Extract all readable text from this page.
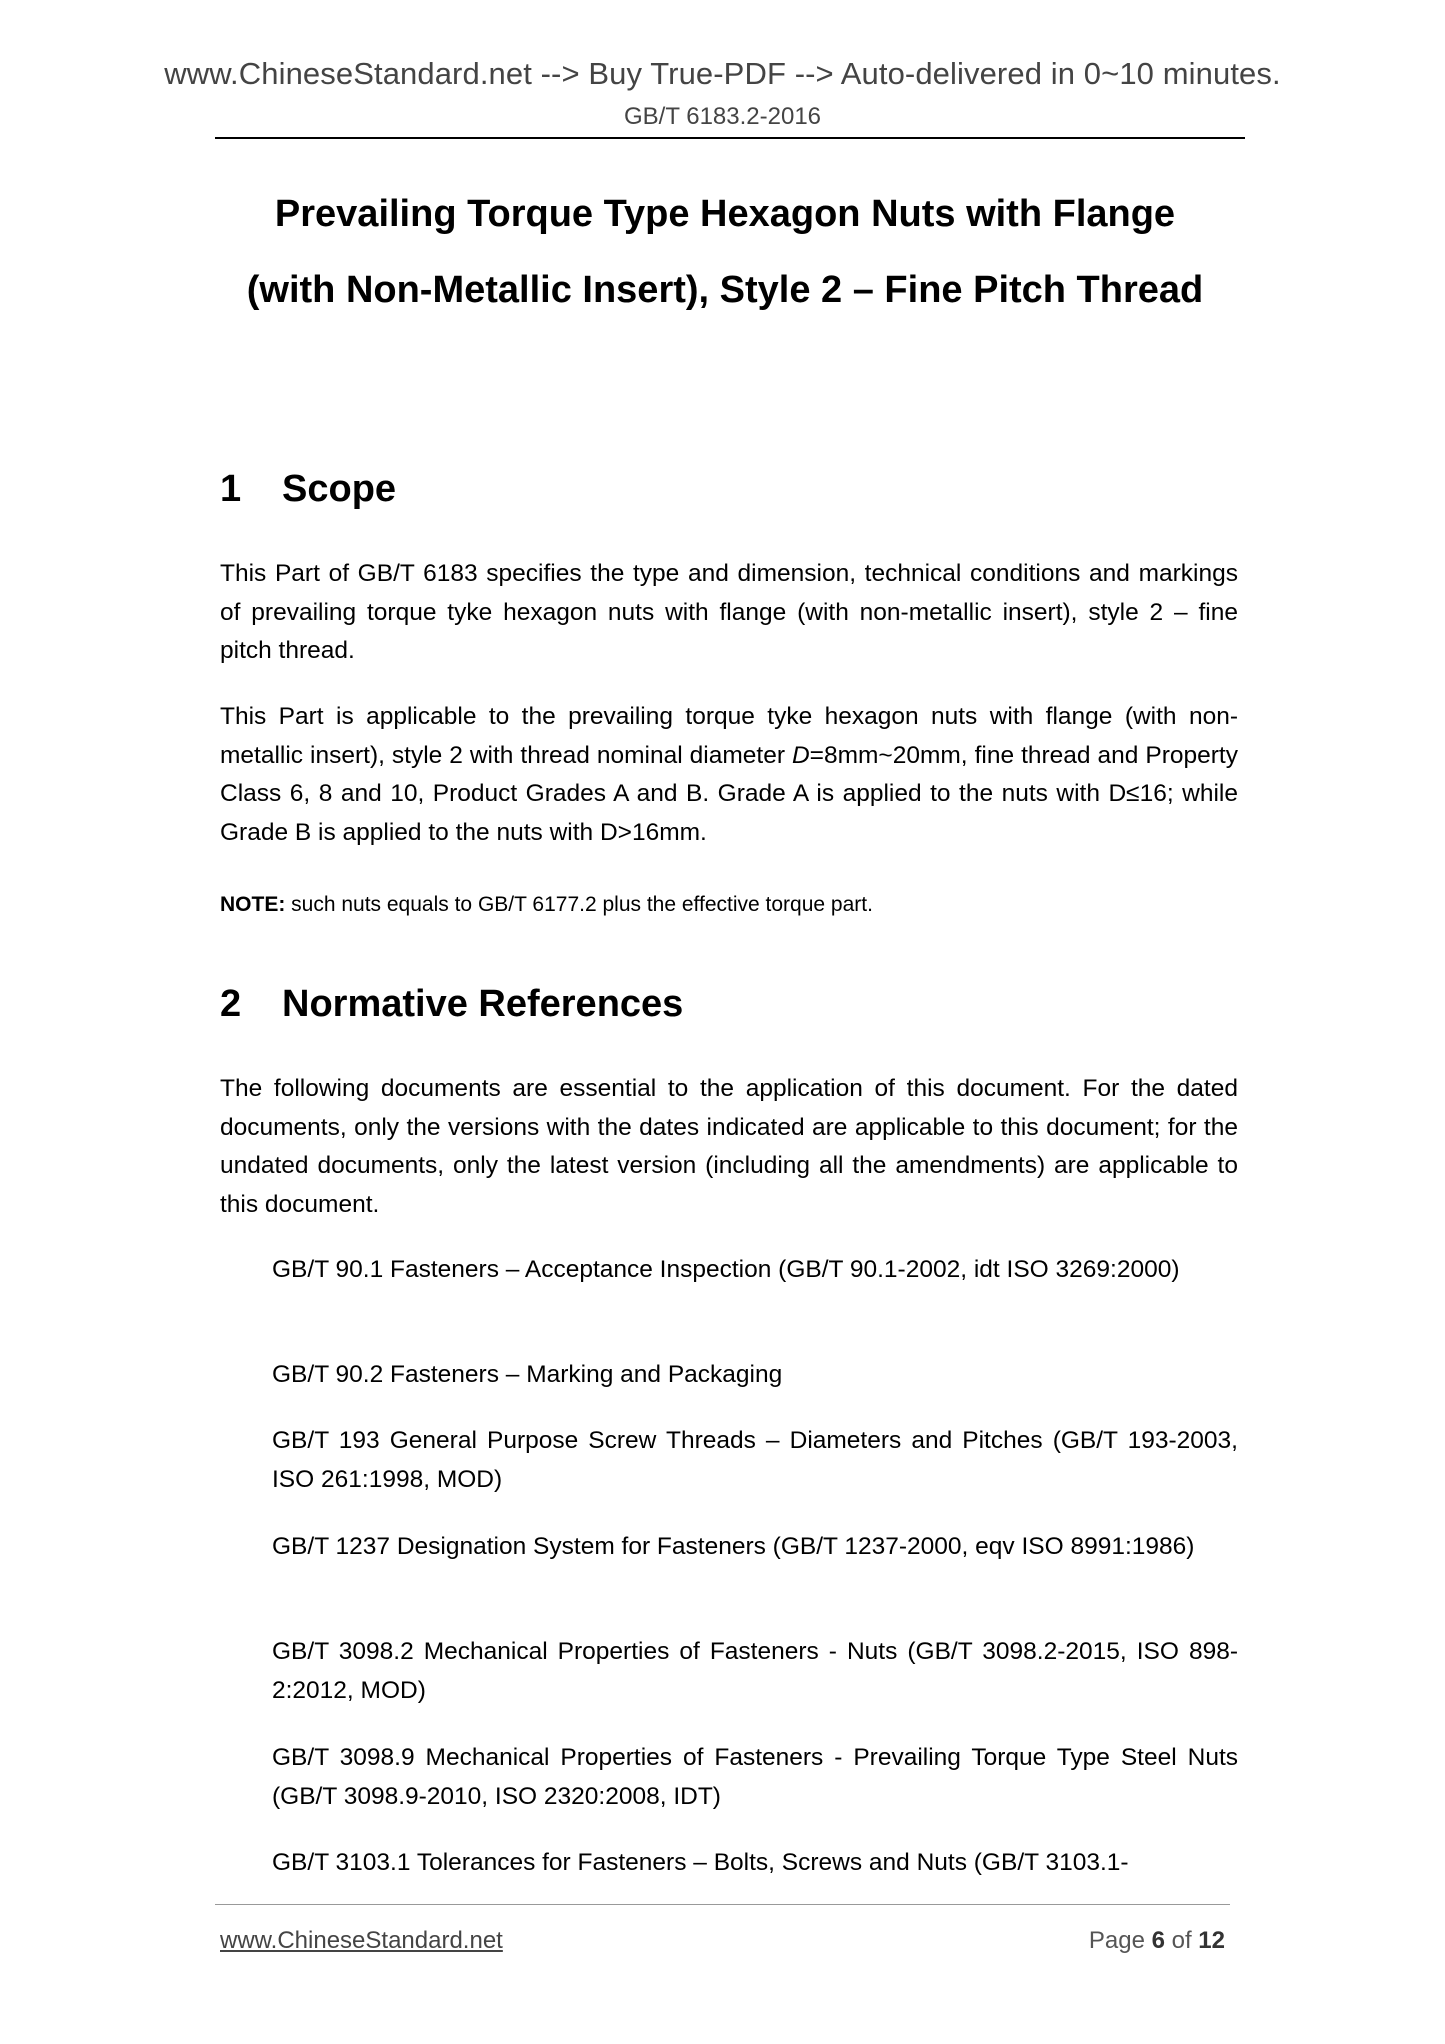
www.ChineseStandard.net --> Buy True-PDF --> Auto-delivered in 0~10 minutes.
GB/T 6183.2-2016
Prevailing Torque Type Hexagon Nuts with Flange
(with Non-Metallic Insert), Style 2 – Fine Pitch Thread
1 Scope

This Part of GB/T 6183 specifies the type and dimension, technical conditions and markings of prevailing torque tyke hexagon nuts with flange (with non-metallic insert), style 2 – fine pitch thread.

This Part is applicable to the prevailing torque tyke hexagon nuts with flange (with non-metallic insert), style 2 with thread nominal diameter D=8mm~20mm, fine thread and Property Class 6, 8 and 10, Product Grades A and B. Grade A is applied to the nuts with D≤16; while Grade B is applied to the nuts with D>16mm.

NOTE: such nuts equals to GB/T 6177.2 plus the effective torque part.

2 Normative References

The following documents are essential to the application of this document. For the dated documents, only the versions with the dates indicated are applicable to this document; for the undated documents, only the latest version (including all the amendments) are applicable to this document.

GB/T 90.1 Fasteners – Acceptance Inspection (GB/T 90.1-2002, idt ISO 3269:2000)

GB/T 90.2 Fasteners – Marking and Packaging

GB/T 193 General Purpose Screw Threads – Diameters and Pitches (GB/T 193-2003, ISO 261:1998, MOD)

GB/T 1237 Designation System for Fasteners (GB/T 1237-2000, eqv ISO 8991:1986)

GB/T 3098.2 Mechanical Properties of Fasteners - Nuts (GB/T 3098.2-2015, ISO 898-2:2012, MOD)

GB/T 3098.9 Mechanical Properties of Fasteners - Prevailing Torque Type Steel Nuts (GB/T 3098.9-2010, ISO 2320:2008, IDT)

GB/T 3103.1 Tolerances for Fasteners – Bolts, Screws and Nuts (GB/T 3103.1-

www.ChineseStandard.net	Page 6 of 12
